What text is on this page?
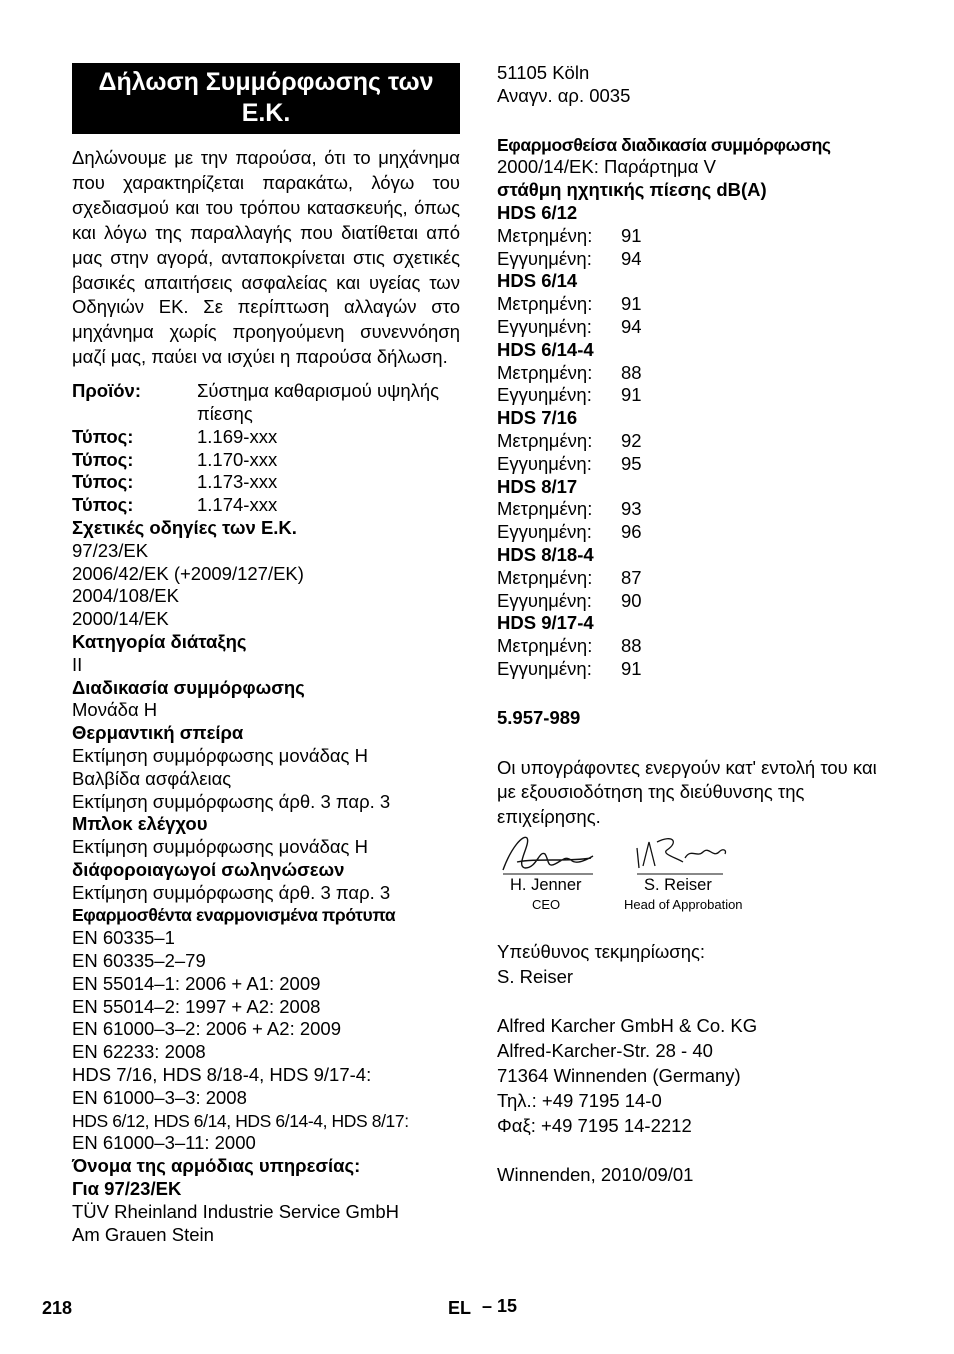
Δήλωση Συμμόρφωσης των Ε.Κ.

Δηλώνουμε με την παρούσα, ότι το μηχάνημα που χαρακτηρίζεται παρακάτω, λόγω του σχεδιασμού και του τρόπου κατασκευής, όπως και λόγω της παραλλαγής που διατίθεται από μας στην αγορά, ανταποκρίνεται στις σχετικές βασικές απαιτήσεις ασφαλείας και υγείας των Οδηγιών ΕΚ. Σε περίπτωση αλλαγών στο μηχάνημα χωρίς προηγούμενη συνεννόηση μαζί μας, παύει να ισχύει η παρούσα δήλωση.

Προϊόν:	Σύστημα καθαρισμού υψηλής πίεσης
Τύπος:	1.169-xxx
Τύπος:	1.170-xxx
Τύπος:	1.173-xxx
Τύπος:	1.174-xxx
Σχετικές οδηγίες των Ε.Κ.
97/23/ΕΚ
2006/42/ΕΚ (+2009/127/ΕΚ)
2004/108/ΕΚ
2000/14/ΕΚ
Κατηγορία διάταξης
II
Διαδικασία συμμόρφωσης
Μονάδα H
Θερμαντική σπείρα
Εκτίμηση συμμόρφωσης μονάδας H
Βαλβίδα ασφάλειας
Εκτίμηση συμμόρφωσης άρθ. 3 παρ. 3
Μπλοκ ελέγχου
Εκτίμηση συμμόρφωσης μονάδας H
διάφοροιαγωγοί σωληνώσεων
Εκτίμηση συμμόρφωσης άρθ. 3 παρ. 3
Εφαρμοσθέντα εναρμονισμένα πρότυπα
EN 60335–1
EN 60335–2–79
EN 55014–1: 2006 + A1: 2009
EN 55014–2: 1997 + A2: 2008
EN 61000–3–2: 2006 + A2: 2009
EN 62233: 2008
HDS 7/16, HDS 8/18-4, HDS 9/17-4:
EN 61000–3–3: 2008
HDS 6/12, HDS 6/14, HDS 6/14-4, HDS 8/17:
EN 61000–3–11: 2000
Όνομα της αρμόδιας υπηρεσίας:
Για 97/23/ΕΚ
TÜV Rheinland Industrie Service GmbH
Am Grauen Stein
51105 Köln
Αναγν. αρ. 0035
Εφαρμοσθείσα διαδικασία συμμόρφωσης
2000/14/ΕΚ: Παράρτημα V
στάθμη ηχητικής πίεσης dB(A)
HDS 6/12
Μετρημένη:	91
Εγγυημένη:	94
HDS 6/14
Μετρημένη:	91
Εγγυημένη:	94
HDS 6/14-4
Μετρημένη:	88
Εγγυημένη:	91
HDS 7/16
Μετρημένη:	92
Εγγυημένη:	95
HDS 8/17
Μετρημένη:	93
Εγγυημένη:	96
HDS 8/18-4
Μετρημένη:	87
Εγγυημένη:	90
HDS 9/17-4
Μετρημένη:	88
Εγγυημένη:	91
5.957-989

Οι υπογράφοντες ενεργούν κατ' εντολή του και με εξουσιοδότηση της διεύθυνσης της επιχείρησης.

H. Jenner
CEO
S. Reiser
Head of Approbation
Υπεύθυνος τεκμηρίωσης:
S. Reiser
Alfred Karcher GmbH & Co. KG
Alfred-Karcher-Str. 28 - 40
71364 Winnenden (Germany)
Τηλ.: +49 7195 14-0
Φαξ: +49 7195 14-2212
Winnenden, 2010/09/01
218	EL – 15
